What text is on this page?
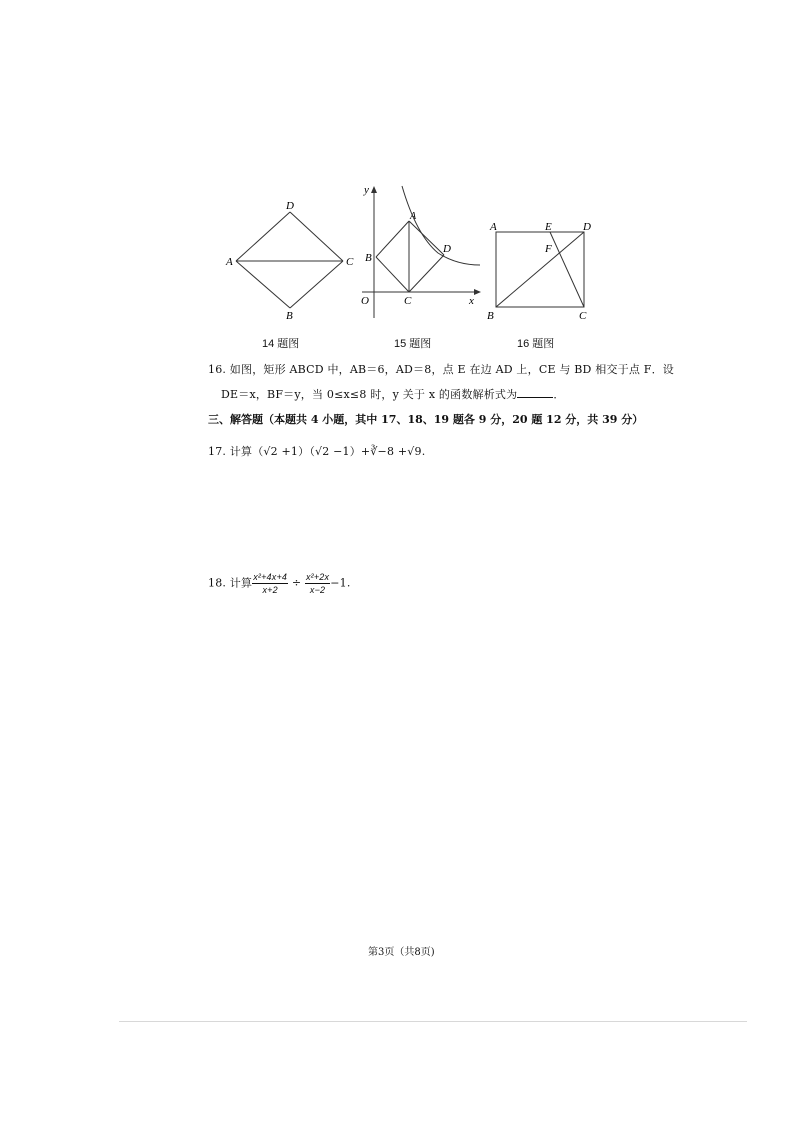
D
A	C
B
y
x
O
A
B
C
D
A	E	D
F
B	C
14 题图	15 题图	16 题图
16. 如图，矩形 ABCD 中，AB＝6，AD＝8，点 E 在边 AD 上，CE 与 BD 相交于点 F．设
DE＝x，BF＝y，当 0≤x≤8 时，y 关于 x 的函数解析式为	．
三、解答题（本题共 4 小题，其中 17、18、19 题各 9 分，20 题 12 分，共 39 分）
17. 计算（√2 +1）（√2 −1）+∛−8 +√9.
18. 计算 $\frac{\text{x²+4x+4}}{x+2} \div \frac{\text{x²+2x}}{x-2} -1$.
第3页（共8页)
